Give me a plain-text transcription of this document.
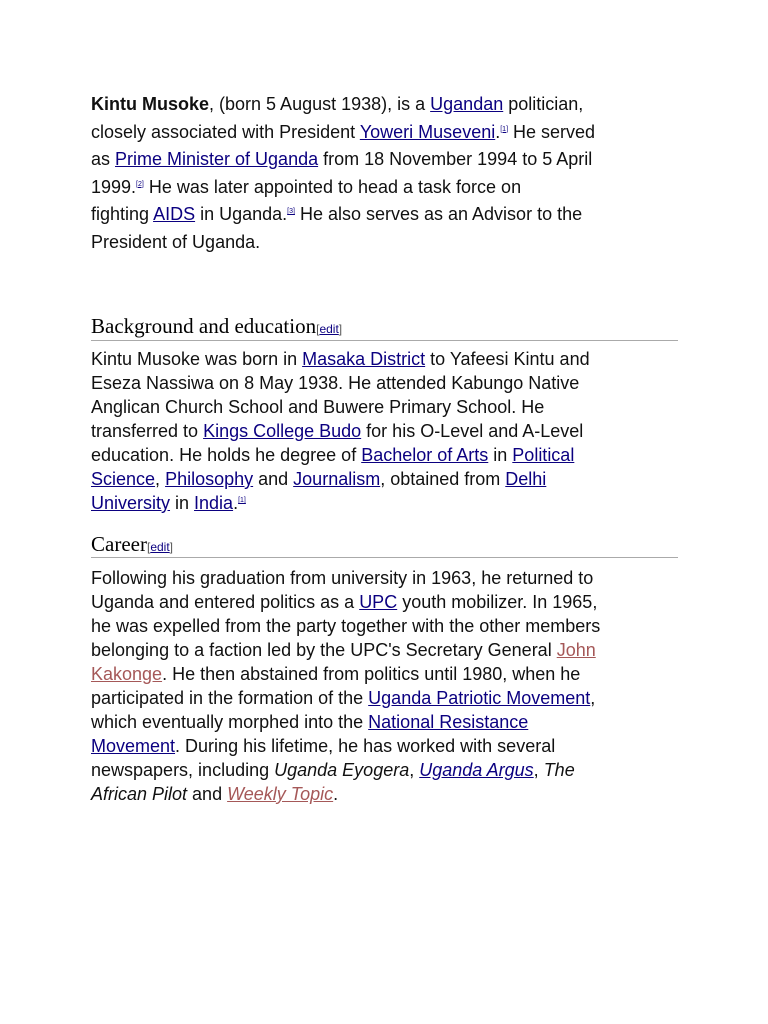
Kintu Musoke, (born 5 August 1938), is a Ugandan politician,
closely associated with President Yoweri Museveni.[1] He served
as Prime Minister of Uganda from 18 November 1994 to 5 April
1999.[2] He was later appointed to head a task force on
fighting AIDS in Uganda.[3] He also serves as an Advisor to the
President of Uganda.

Background and education[edit]

Kintu Musoke was born in Masaka District to Yafeesi Kintu and
Eseza Nassiwa on 8 May 1938. He attended Kabungo Native
Anglican Church School and Buwere Primary School. He
transferred to Kings College Budo for his O-Level and A-Level
education. He holds he degree of Bachelor of Arts in Political
Science, Philosophy and Journalism, obtained from Delhi
University in India.[1]

Career[edit]

Following his graduation from university in 1963, he returned to
Uganda and entered politics as a UPC youth mobilizer. In 1965,
he was expelled from the party together with the other members
belonging to a faction led by the UPC's Secretary General John
Kakonge. He then abstained from politics until 1980, when he
participated in the formation of the Uganda Patriotic Movement,
which eventually morphed into the National Resistance
Movement. During his lifetime, he has worked with several
newspapers, including Uganda Eyogera, Uganda Argus, The
African Pilot and Weekly Topic.
